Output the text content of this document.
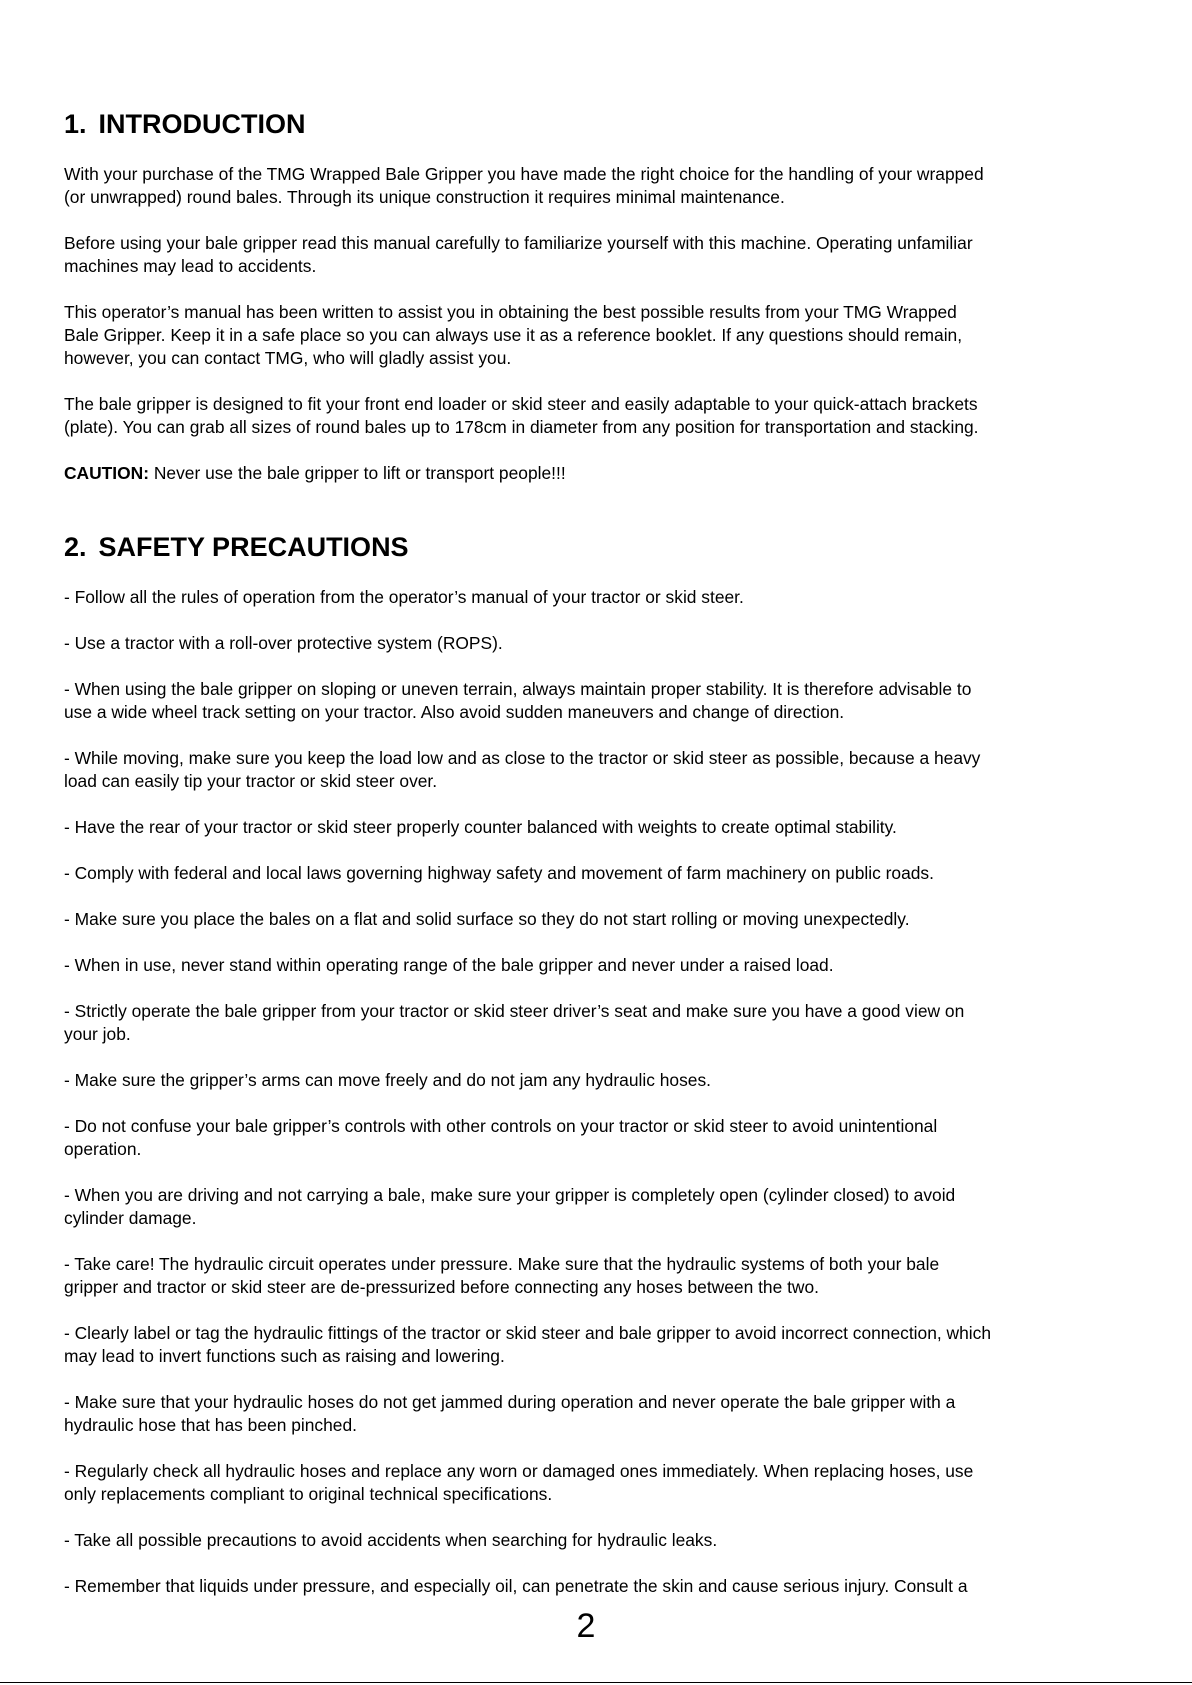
1. INTRODUCTION

With your purchase of the TMG Wrapped Bale Gripper you have made the right choice for the handling of your wrapped
(or unwrapped) round bales. Through its unique construction it requires minimal maintenance.

Before using your bale gripper read this manual carefully to familiarize yourself with this machine. Operating unfamiliar
machines may lead to accidents.

This operator’s manual has been written to assist you in obtaining the best possible results from your TMG Wrapped
Bale Gripper. Keep it in a safe place so you can always use it as a reference booklet. If any questions should remain,
however, you can contact TMG, who will gladly assist you.

The bale gripper is designed to fit your front end loader or skid steer and easily adaptable to your quick-attach brackets
(plate). You can grab all sizes of round bales up to 178cm in diameter from any position for transportation and stacking.

CAUTION: Never use the bale gripper to lift or transport people!!!

2. SAFETY PRECAUTIONS

- Follow all the rules of operation from the operator’s manual of your tractor or skid steer.

- Use a tractor with a roll-over protective system (ROPS).

- When using the bale gripper on sloping or uneven terrain, always maintain proper stability. It is therefore advisable to
use a wide wheel track setting on your tractor. Also avoid sudden maneuvers and change of direction.

- While moving, make sure you keep the load low and as close to the tractor or skid steer as possible, because a heavy
load can easily tip your tractor or skid steer over.

- Have the rear of your tractor or skid steer properly counter balanced with weights to create optimal stability.

- Comply with federal and local laws governing highway safety and movement of farm machinery on public roads.

- Make sure you place the bales on a flat and solid surface so they do not start rolling or moving unexpectedly.

- When in use, never stand within operating range of the bale gripper and never under a raised load.

- Strictly operate the bale gripper from your tractor or skid steer driver’s seat and make sure you have a good view on
your job.

- Make sure the gripper’s arms can move freely and do not jam any hydraulic hoses.

- Do not confuse your bale gripper’s controls with other controls on your tractor or skid steer to avoid unintentional
operation.

- When you are driving and not carrying a bale, make sure your gripper is completely open (cylinder closed) to avoid
cylinder damage.

- Take care! The hydraulic circuit operates under pressure. Make sure that the hydraulic systems of both your bale
gripper and tractor or skid steer are de-pressurized before connecting any hoses between the two.

- Clearly label or tag the hydraulic fittings of the tractor or skid steer and bale gripper to avoid incorrect connection, which
may lead to invert functions such as raising and lowering.

- Make sure that your hydraulic hoses do not get jammed during operation and never operate the bale gripper with a
hydraulic hose that has been pinched.

- Regularly check all hydraulic hoses and replace any worn or damaged ones immediately. When replacing hoses, use
only replacements compliant to original technical specifications.

- Take all possible precautions to avoid accidents when searching for hydraulic leaks.

- Remember that liquids under pressure, and especially oil, can penetrate the skin and cause serious injury. Consult a

2
